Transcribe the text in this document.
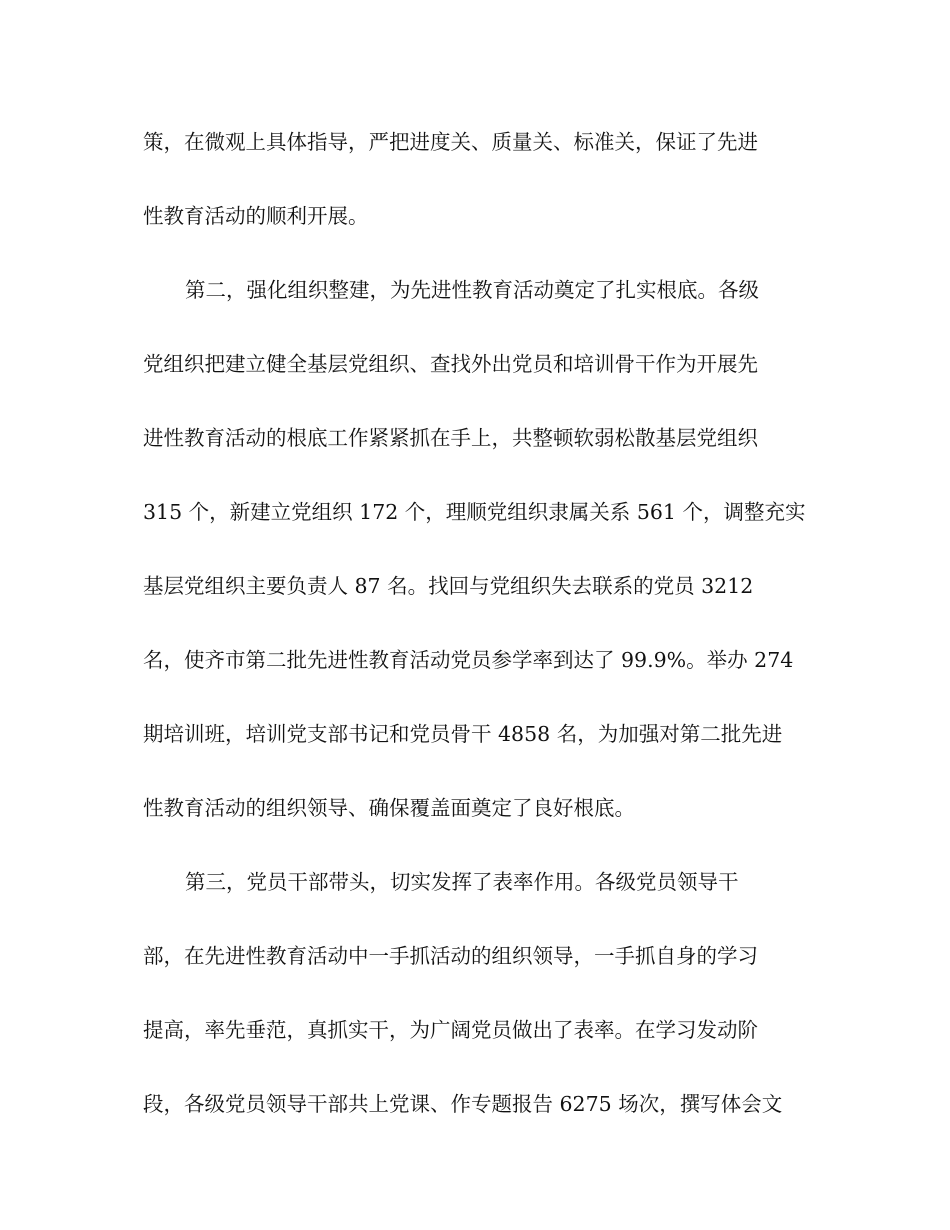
策，在微观上具体指导，严把进度关、质量关、标准关，保证了先进

性教育活动的顺利开展。

第二，强化组织整建，为先进性教育活动奠定了扎实根底。各级

党组织把建立健全基层党组织、查找外出党员和培训骨干作为开展先

进性教育活动的根底工作紧紧抓在手上，共整顿软弱松散基层党组织

315 个，新建立党组织 172 个，理顺党组织隶属关系 561 个，调整充实

基层党组织主要负责人 87 名。找回与党组织失去联系的党员 3212

名，使齐市第二批先进性教育活动党员参学率到达了 99.9%。举办 274

期培训班，培训党支部书记和党员骨干 4858 名，为加强对第二批先进

性教育活动的组织领导、确保覆盖面奠定了良好根底。

第三，党员干部带头，切实发挥了表率作用。各级党员领导干

部，在先进性教育活动中一手抓活动的组织领导，一手抓自身的学习

提高，率先垂范，真抓实干，为广阔党员做出了表率。在学习发动阶

段，各级党员领导干部共上党课、作专题报告 6275 场次，撰写体会文
